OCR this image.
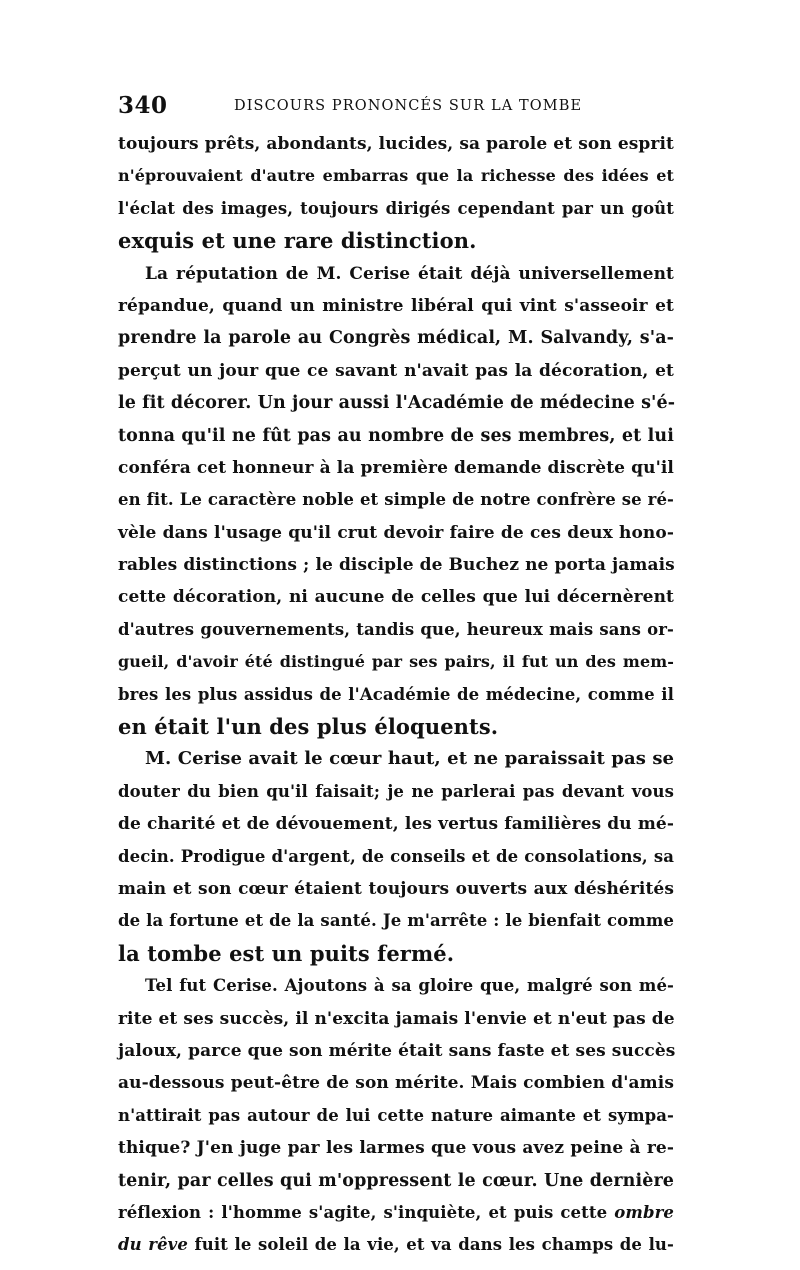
340	DISCOURS PRONONCÉS SUR LA TOMBE
toujours prêts, abondants, lucides, sa parole et son esprit
n'éprouvaient d'autre embarras que la richesse des idées et
l'éclat des images, toujours dirigés cependant par un goût
exquis et une rare distinction.
La réputation de M. Cerise était déjà universellement
répandue, quand un ministre libéral qui vint s'asseoir et
prendre la parole au Congrès médical, M. Salvandy, s'a-
perçut un jour que ce savant n'avait pas la décoration, et
le fit décorer. Un jour aussi l'Académie de médecine s'é-
tonna qu'il ne fût pas au nombre de ses membres, et lui
conféra cet honneur à la première demande discrète qu'il
en fit. Le caractère noble et simple de notre confrère se ré-
vèle dans l'usage qu'il crut devoir faire de ces deux hono-
rables distinctions ; le disciple de Buchez ne porta jamais
cette décoration, ni aucune de celles que lui décernèrent
d'autres gouvernements, tandis que, heureux mais sans or-
gueil, d'avoir été distingué par ses pairs, il fut un des mem-
bres les plus assidus de l'Académie de médecine, comme il
en était l'un des plus éloquents.
M. Cerise avait le cœur haut, et ne paraissait pas se
douter du bien qu'il faisait; je ne parlerai pas devant vous
de charité et de dévouement, les vertus familières du mé-
decin. Prodigue d'argent, de conseils et de consolations, sa
main et son cœur étaient toujours ouverts aux déshérités
de la fortune et de la santé. Je m'arrête : le bienfait comme
la tombe est un puits fermé.
Tel fut Cerise. Ajoutons à sa gloire que, malgré son mé-
rite et ses succès, il n'excita jamais l'envie et n'eut pas de
jaloux, parce que son mérite était sans faste et ses succès
au-dessous peut-être de son mérite. Mais combien d'amis
n'attirait pas autour de lui cette nature aimante et sympa-
thique? J'en juge par les larmes que vous avez peine à re-
tenir, par celles qui m'oppressent le cœur. Une dernière
réflexion : l'homme s'agite, s'inquiète, et puis cette ombre
du rêve fuit le soleil de la vie, et va dans les champs de lu-
